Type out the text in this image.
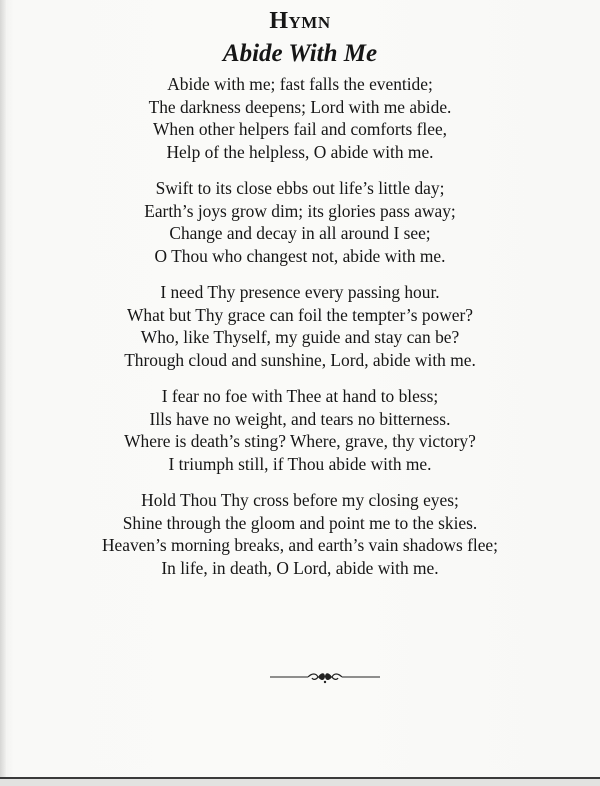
Hymn
Abide With Me
Abide with me; fast falls the eventide;
The darkness deepens; Lord with me abide.
When other helpers fail and comforts flee,
Help of the helpless, O abide with me.
Swift to its close ebbs out life’s little day;
Earth’s joys grow dim; its glories pass away;
Change and decay in all around I see;
O Thou who changest not, abide with me.
I need Thy presence every passing hour.
What but Thy grace can foil the tempter’s power?
Who, like Thyself, my guide and stay can be?
Through cloud and sunshine, Lord, abide with me.
I fear no foe with Thee at hand to bless;
Ills have no weight, and tears no bitterness.
Where is death’s sting? Where, grave, thy victory?
I triumph still, if Thou abide with me.
Hold Thou Thy cross before my closing eyes;
Shine through the gloom and point me to the skies.
Heaven’s morning breaks, and earth’s vain shadows flee;
In life, in death, O Lord, abide with me.
